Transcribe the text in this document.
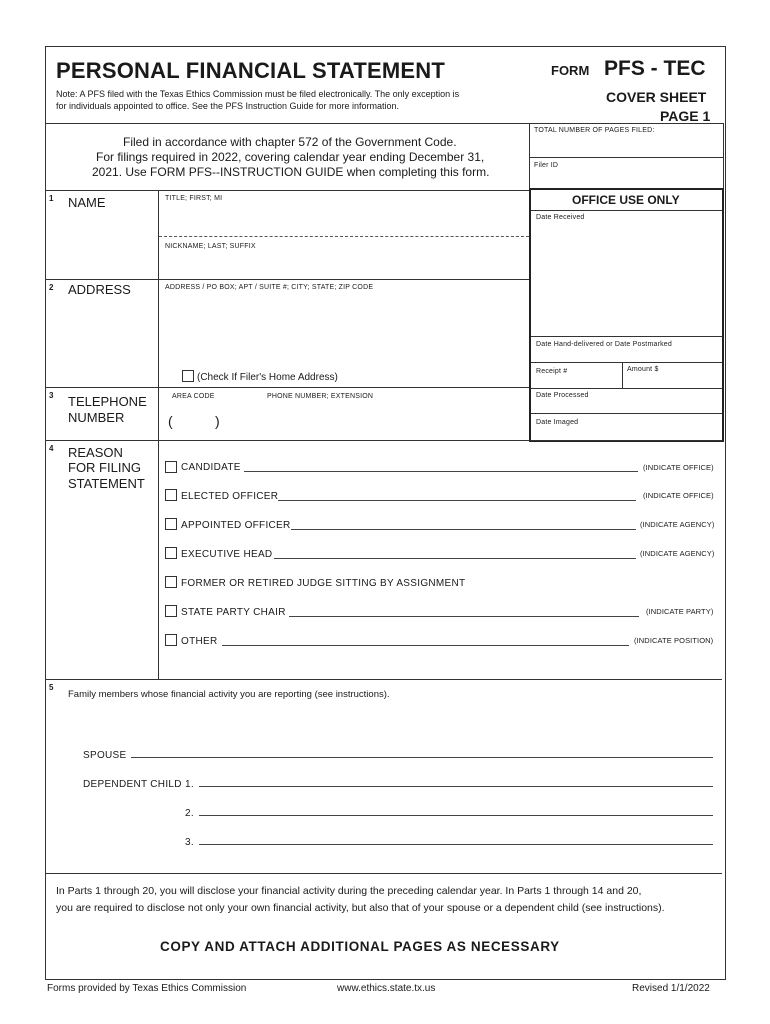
PERSONAL FINANCIAL STATEMENT
Note: A PFS filed with the Texas Ethics Commission must be filed electronically. The only exception is
for individuals appointed to office. See the PFS Instruction Guide for more information.
FORM PFS - TEC
COVER SHEET
PAGE 1
TOTAL NUMBER OF PAGES FILED:
Filer ID
OFFICE USE ONLY
Date Received
Date Hand-delivered or Date Postmarked
Receipt #	Amount $
Date Processed
Date Imaged
Filed in accordance with chapter 572 of the Government Code.
For filings required in 2022, covering calendar year ending December 31,
2021. Use FORM PFS--INSTRUCTION GUIDE when completing this form.
1 NAME	TITLE; FIRST; MI
NICKNAME; LAST; SUFFIX
2 ADDRESS	ADDRESS / PO BOX; APT / SUITE #; CITY; STATE; ZIP CODE
(Check If Filer's Home Address)
3 TELEPHONE
NUMBER
AREA CODE	PHONE NUMBER; EXTENSION
(	)
4 REASON
FOR FILING
STATEMENT
CANDIDATE	(INDICATE OFFICE)
ELECTED OFFICER	(INDICATE OFFICE)
APPOINTED OFFICER	(INDICATE AGENCY)
EXECUTIVE HEAD	(INDICATE AGENCY)
FORMER OR RETIRED JUDGE SITTING BY ASSIGNMENT
STATE PARTY CHAIR	(INDICATE PARTY)
OTHER	(INDICATE POSITION)
5
Family members whose financial activity you are reporting (see instructions).
SPOUSE
DEPENDENT CHILD 1.
2.
3.
In Parts 1 through 20, you will disclose your financial activity during the preceding calendar year. In Parts 1 through 14 and 20,
you are required to disclose not only your own financial activity, but also that of your spouse or a dependent child (see instructions).
COPY AND ATTACH ADDITIONAL PAGES AS NECESSARY
Forms provided by Texas Ethics Commission	www.ethics.state.tx.us	Revised 1/1/2022
